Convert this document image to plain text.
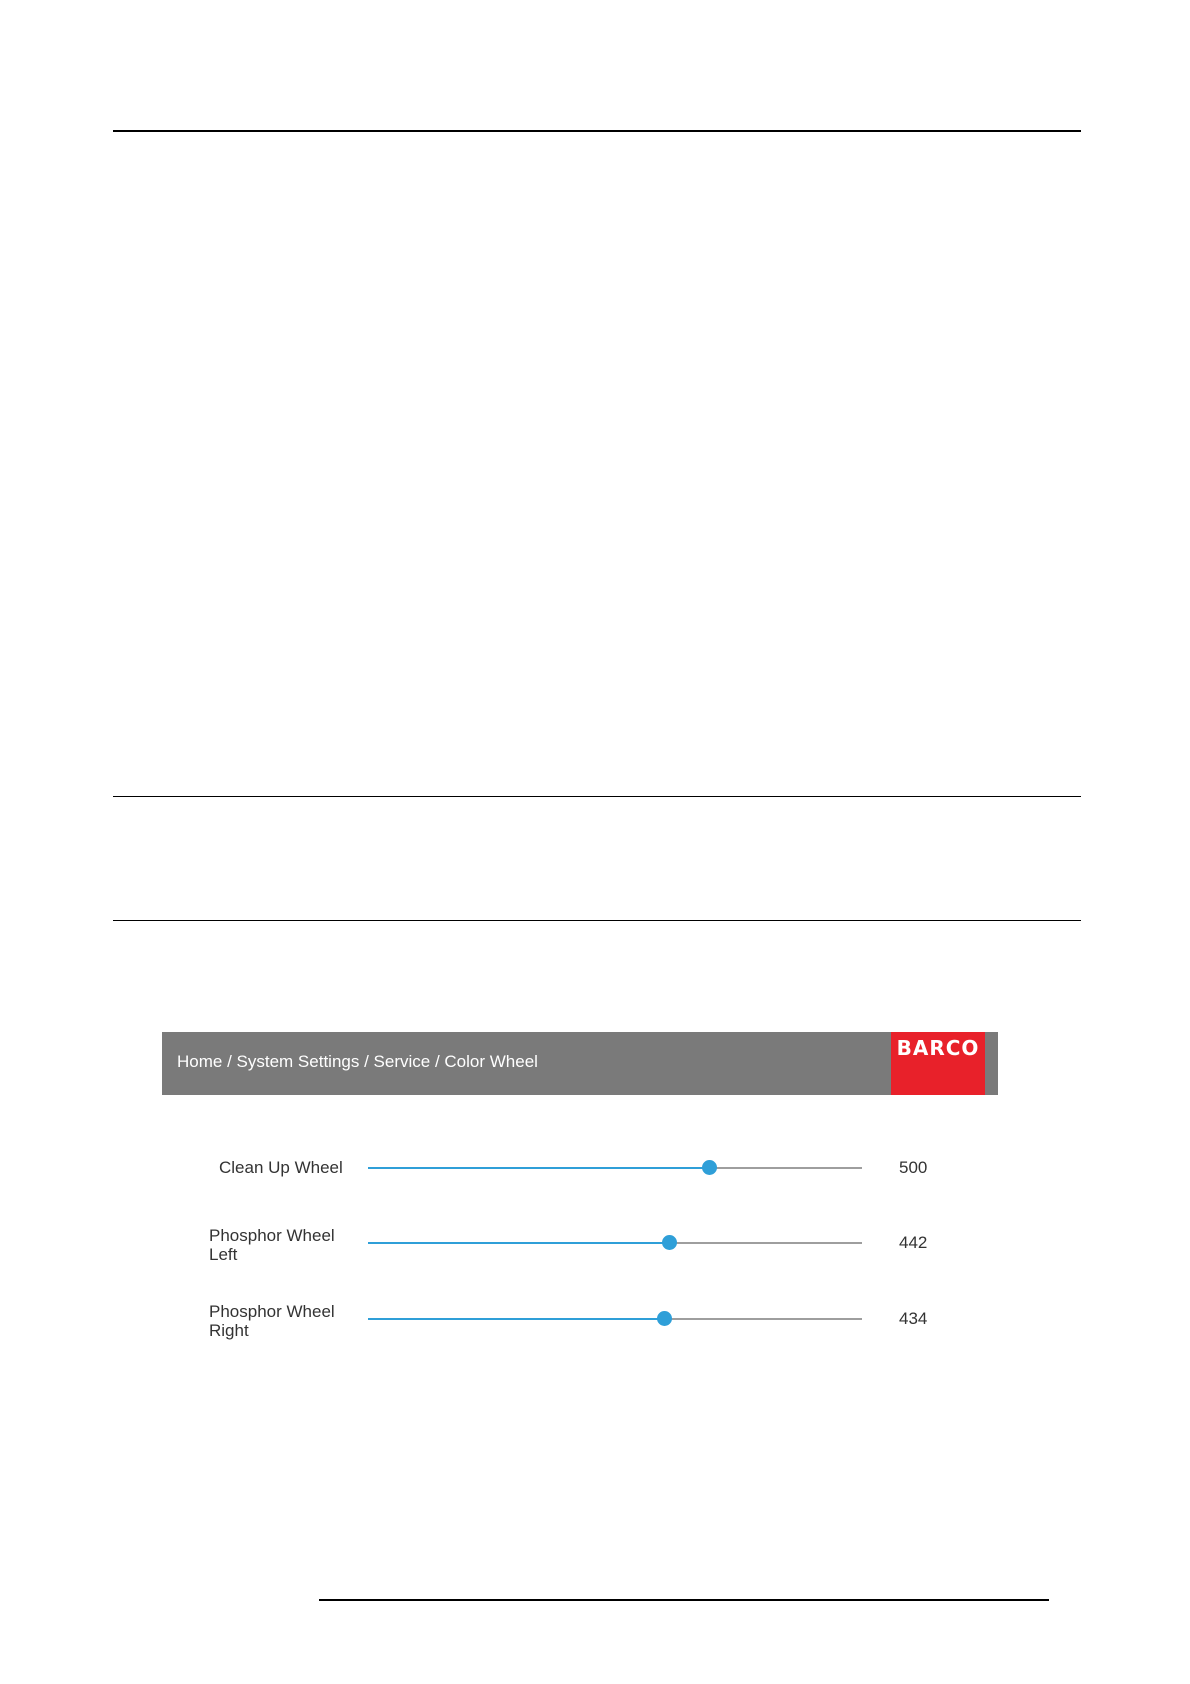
Home / System Settings / Service / Color Wheel
BARCO
Clean Up Wheel	500
Phosphor Wheel Left
442
Phosphor Wheel Right
434
